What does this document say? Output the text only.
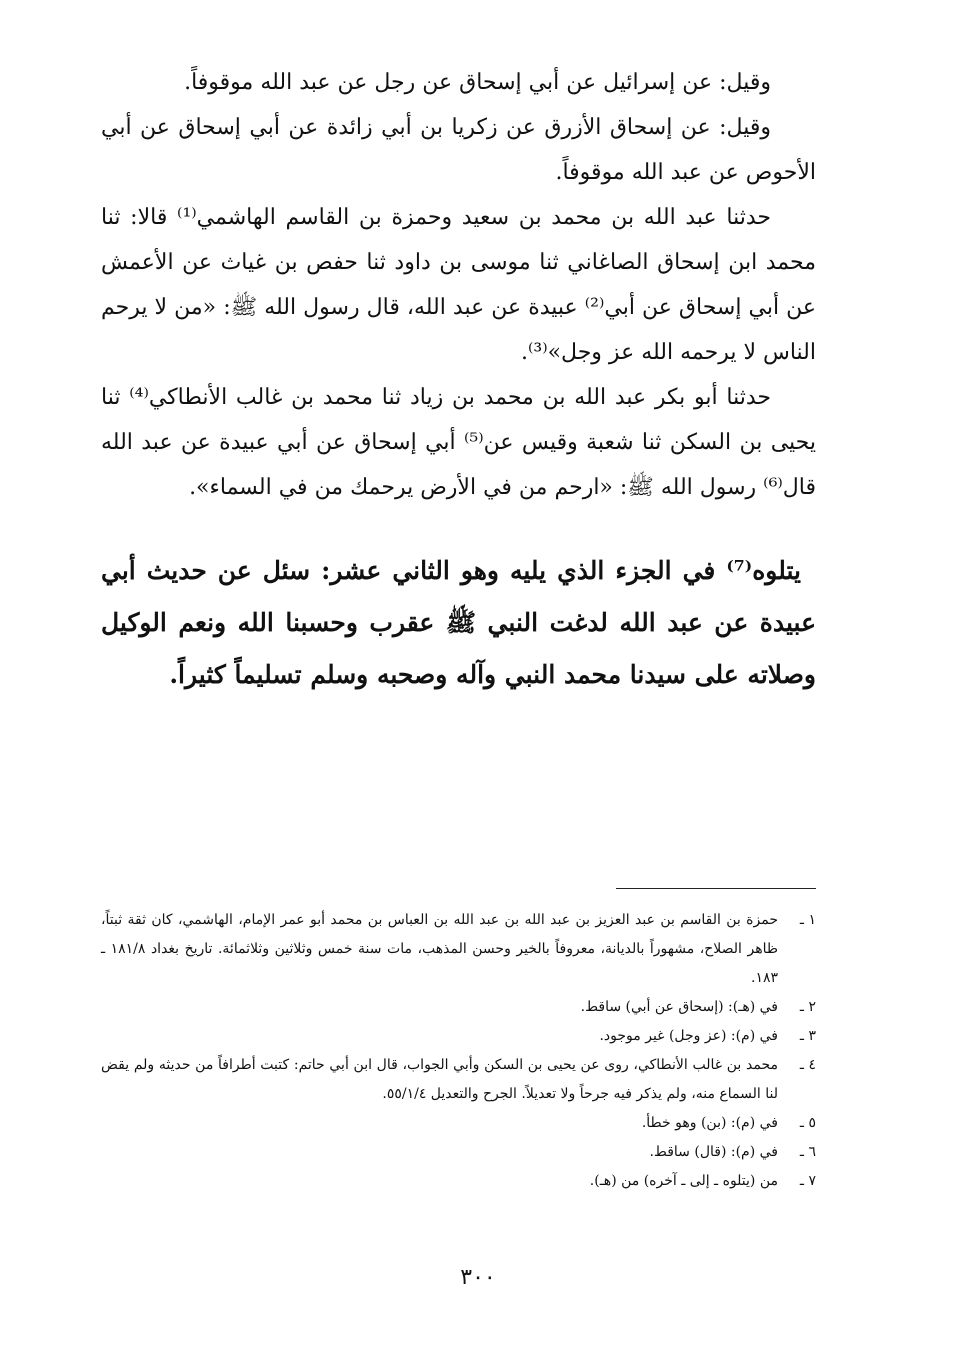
وقيل: عن إسرائيل عن أبي إسحاق عن رجل عن عبد الله موقوفاً.

وقيل: عن إسحاق الأزرق عن زكريا بن أبي زائدة عن أبي إسحاق عن أبي الأحوص عن عبد الله موقوفاً.

حدثنا عبد الله بن محمد بن سعيد وحمزة بن القاسم الهاشمي⁽¹⁾ قالا: ثنا محمد ابن إسحاق الصاغاني ثنا موسى بن داود ثنا حفص بن غياث عن الأعمش عن أبي إسحاق عن أبي⁽²⁾ عبيدة عن عبد الله، قال رسول الله ﷺ: «من لا يرحم الناس لا يرحمه الله عز وجل»⁽³⁾.

حدثنا أبو بكر عبد الله بن محمد بن زياد ثنا محمد بن غالب الأنطاكي⁽⁴⁾ ثنا يحيى بن السكن ثنا شعبة وقيس عن⁽⁵⁾ أبي إسحاق عن أبي عبيدة عن عبد الله قال⁽⁶⁾ رسول الله ﷺ: «ارحم من في الأرض يرحمك من في السماء».

يتلوه⁽⁷⁾ في الجزء الذي يليه وهو الثاني عشر: سئل عن حديث أبي عبيدة عن عبد الله لدغت النبي ﷺ عقرب وحسبنا الله ونعم الوكيل وصلاته على سيدنا محمد النبي وآله وصحبه وسلم تسليماً كثيراً.
١ ـ
حمزة بن القاسم بن عبد العزيز بن عبد الله بن عبد الله بن العباس بن محمد أبو عمر الإمام، الهاشمي، كان ثقة ثبتاً، ظاهر الصلاح، مشهوراً بالديانة، معروفاً بالخير وحسن المذهب، مات سنة خمس وثلاثين وثلاثمائة. تاريخ بغداد ١٨١/٨ ـ ١٨٣.
٢ ـ
في (هـ): (إسحاق عن أبي) ساقط.
٣ ـ
في (م): (عز وجل) غير موجود.
٤ ـ
محمد بن غالب الأنطاكي، روى عن يحيى بن السكن وأبي الجواب، قال ابن أبي حاتم: كتبت أطرافاً من حديثه ولم يقض لنا السماع منه، ولم يذكر فيه جرحاً ولا تعديلاً. الجرح والتعديل ٥٥/١/٤.
٥ ـ
في (م): (بن) وهو خطأ.
٦ ـ
في (م): (قال) ساقط.
٧ ـ
من (يتلوه ـ إلى ـ آخره) من (هـ).
٣٠٠
